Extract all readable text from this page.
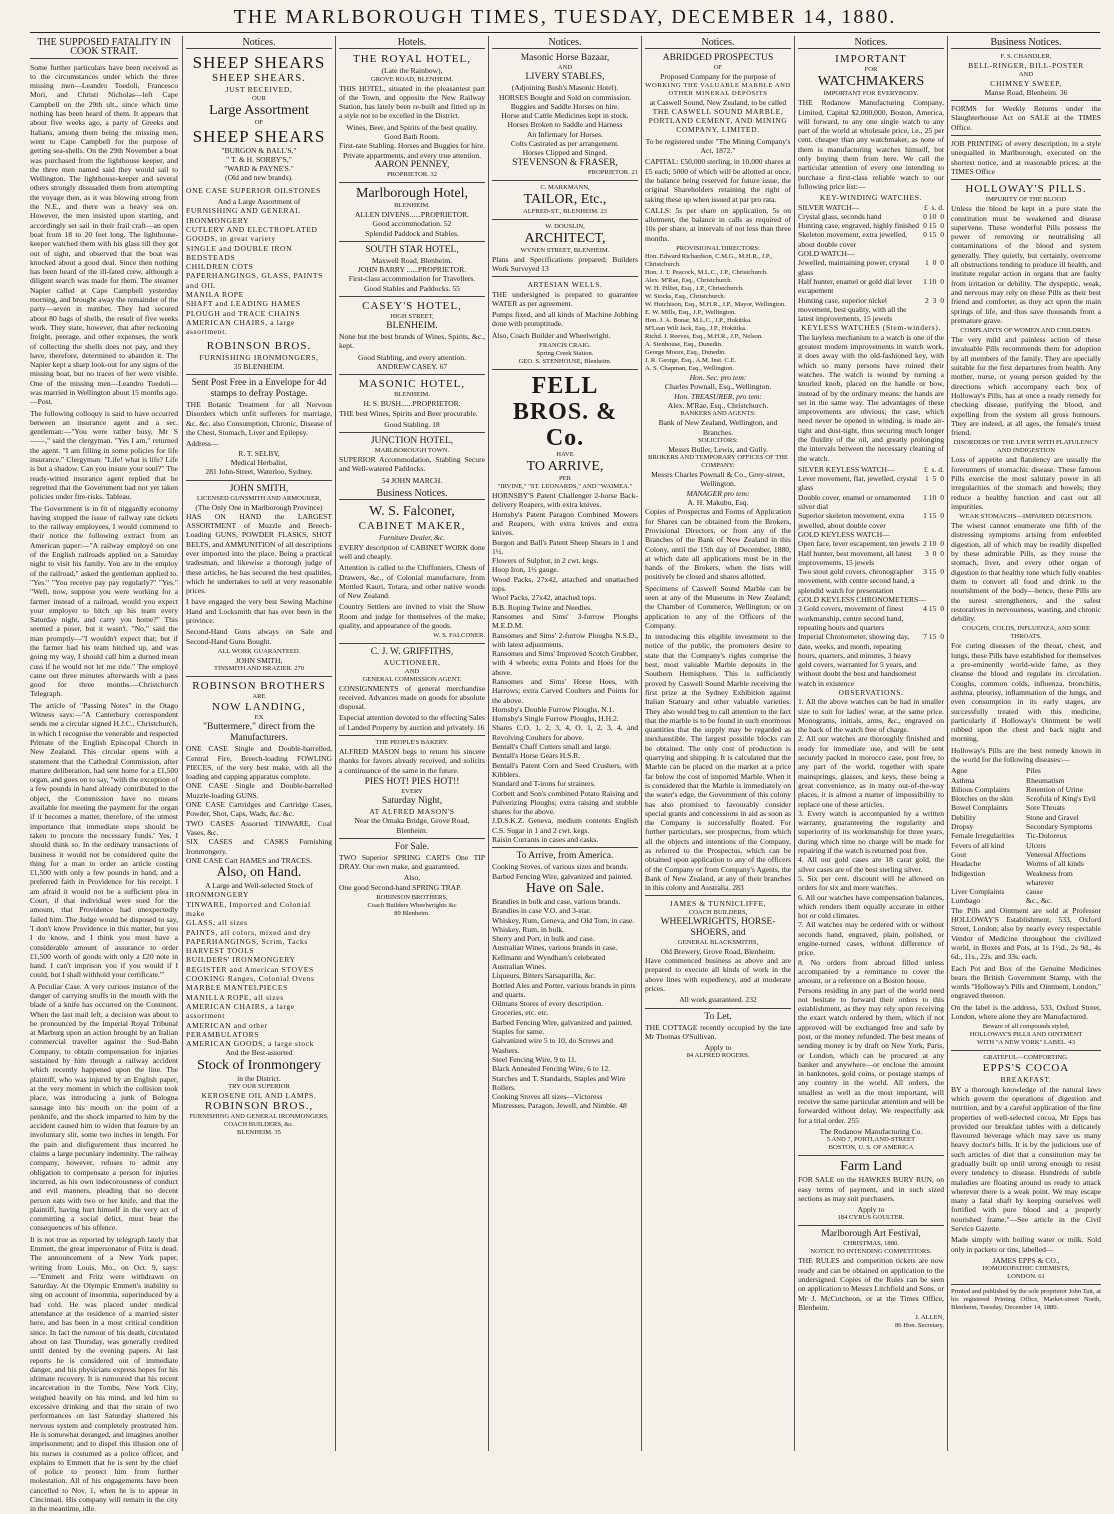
THE MARLBOROUGH TIMES, TUESDAY, DECEMBER 14, 1880.
THE SUPPOSED FATALITY IN COOK STRAIT.

Some further particulars have been received as to the circumstances under which the three missing men—Leandro Toedoli, Francesco Mori, and Christi Nicholas—left Cape Campbell on the 29th ult., since which time nothing has been heard of them. It appears that about five weeks ago, a party of Greeks and Italians, among them being the missing men, went to Cape Campbell for the purpose of getting sea-shells. On the 29th November a boat was purchased from the lighthouse keeper, and the three men named said they would sail to Wellington. The lighthouse-keeper and several others strongly dissuaded them from attempting the voyage then, as it was blowing strong from the N.E., and there was a heavy sea on. However, the men insisted upon starting, and accordingly set sail in their frail craft—an open boat from 18 to 20 feet long. The lighthouse-keeper watched them with his glass till they got out of sight, and observed that the boat was knocked about a good deal. Since then nothing has been heard of the ill-fated crew, although a diligent search was made for them. The steamer Napier called at Cape Campbell yesterday morning, and brought away the remainder of the party—seven in number. They had secured about 80 bags of shells, the result of five weeks work. They state, however, that after reckoning freight, peerage, and other expenses, the work of collecting the shells does not pay, and they have, therefore, determined to abandon it. The Napier kept a sharp look-out for any signs of the missing boat, but no traces of her were visible. One of the missing men—Leandro Toedoli—was married in Wellington about 15 months ago.—Post.

The following colloquy is said to have occurred between an insurance agent and a sec. gentleman:—"You were rather busy, Mr S——," said the clergyman. "Yes I am," returned the agent. "I am filling in some policies for life insurance." Clergyman: "Life! what is life? Life is but a shadow. Can you insure your soul?" The ready-witted insurance agent replied that he regretted that the Government had not yet taken policies under fire-risks. Tableau.

The Government is in fit of niggardly economy having stopped the issue of railway rate tickets to the railway employees, I would commend to their notice the following extract from an American paper:—"A railway employé on one of the English railroads applied on a Saturday night to visit his family. You are in the employ of the railroad," asked the gentleman applied to. "Yes." "You receive pay pay regularly?" "Yes." "Well, now, suppose you were working for a farmer instead of a railroad, would you expect your employer to hitch up his team every Saturday night, and carry you home?" This seemed a poser, but it wasn't. "No," said the man promptly—"I wouldn't expect that; but if the farmer had his team hitched up, and was going my way, I should call him a durned mean cuss if he would not let me ride." The employé came out three minutes afterwards with a pass good for three months.—Christchurch Telegraph.

The article of "Passing Notes" in the Otago Witness says:—"A Canterbury correspondent sends me a circular signed H.J.C., Christchurch, in which I recognise the venerable and respected Primate of the English Episcopal Church in New Zealand. This circular opens with a statement that the Cathedral Commission, after mature deliberation, had sent home for a £1,500 organ, and goes on to say, "with the exception of a few pounds in hand already contributed to the object, the Commission have no means available for meeting the payment for the organ if it becomes a matter, therefore, of the utmost importance that immediate steps should be taken to procure the necessary funds.' Yes, I should think so. In the ordinary transactions of business it would not be considered quite the thing for a man to order an article costing £1,500 with only a few pounds in hand, and a preferred faith in Providence for his receipt. I am afraid it would not be a sufficient plea in Court, if that individual were sued for the amount, that Providence had unexpectedly failed him. The Judge would be disposed to say, 'I don't know Providence in this matter, but you I do know, and I think you must have a considerable amount of assurance to order £1,500 worth of goods with only a £20 note in hand. I can't imprison you if you would if I could, but I shall withhold your certificate.'"

A Peculiar Case. A very curious instance of the danger of carrying snuffs in the mouth with the blade of a knife has occurred on the Continent. When the last mail left, a decision was about to be pronounced by the Imperial Royal Tribunal at Marburg upon an action brought by an Italian commercial traveller against the Sud-Bahn Company, to obtain compensation for injuries sustained by him through a railway accident which recently happened upon the line. The plaintiff, who was injured by an English paper, at the very moment in which the collision took place, was introducing a junk of Bologna sausage into his mouth on the point of a penknife, and the shock imparted to him by the accident caused him to widen that feature by an involuntary slit, some two inches in length. For the pain and disfigurement thus incurred he claims a large pecuniary indemnity. The railway company, however, refuses to admit any obligation to compensate a person for injuries incurred, as his own indecorousness of conduct and evil manners, pleading that no decent person eats with two or her knife, and that the plaintiff, having hurt himself in the very act of committing a social delict, must bear the consequences of his offence.

It is not true as reported by telegraph lately that Emmett, the great impersonator of Fritz is dead. The announcement of a New York paper, writing from Louis, Mo., on Oct. 9, says:—"Emmett and Fritz were withdrawn on Saturday. At the Olympic Emmett's inability to sing on account of insomnia, superinduced by a bad cold. He was placed under medical attendance at the residence of a married sister here, and has been in a most critical condition since. In fact the rumour of his death, circulated about on last Thursday, was generally credited until denied by the evening papers. At last reports he is considered out of immediate danger, and his physicians express hopes for his ultimate recovery. It is rumoured that his recent incarceration in the Tombs, New York City, weighed heavily on his mind, and led him to excessive drinking and that the strain of two performances on last Saturday shattered his nervous system and completely prostrated him. He is somewhat deranged, and imagines another imprisonment; and to dispel this illusion one of his nurses is costumed as a police officer, and explains to Emmett that he is sent by the chief of police to protect him from further molestation. All of his engagements have been cancelled to Nov. 1, when he is to appear in Cincinnati. His company will remain in the city in the meantime, idle.

Notices.
SHEEP SHEARS
SHEEP SHEARS.
JUST RECEIVED,
OUR
Large Assortment
OF
SHEEP SHEARS
"BURGON & BALL'S,"
" T. & H. SORBY'S,"
"WARD & PAYNE'S."
(Old and new brands).

ONE CASE SUPERIOR OILSTONES

And a Large Assortment of
FURNISHING AND GENERAL IRONMONGERY
CUTLERY AND ELECTROPLATED GOODS, in great variety
SINGLE and DOUBLE IRON BEDSTEADS
CHILDREN COTS
PAPERHANGINGS, GLASS, PAINTS and OIL
MANILA ROPE
SHAFT and LEADING HAMES
PLOUGH and TRACE CHAINS
AMERICAN CHAIRS, a large assortment.
ROBINSON BROS.
FURNISHING IRONMONGERS,
35 BLENHEIM.
Sent Post Free in a Envelope for 4d stamps to defray Postage.

THE Botanic Treatment for all Nervous Disorders which unfit sufferers for marriage, &c. &c. also Consumption, Chronic, Disease of the Chest, Stomach, Liver and Epilepsy.

Address—
R. T. SELBY,
Medical Herbalist,
281 John-Street, Waterloo, Sydney.
JOHN SMITH,
LICENSED GUNSMITH AND ARMOURER,
(The Only One in Marlborough Province)

HAS ON HAND the LARGEST ASSORTMENT of Muzzle and Breech-Loading GUNS, POWDER FLASKS, SHOT BELTS, and AMMUNITION of all descriptions ever imported into the place. Being a practical tradesman, and likewise a thorough judge of these articles, he has secured the best qualities, which he undertakes to sell at very reasonable prices.

I have engaged the very best Sewing Machine Hand and Locksmith that has ever been in the province.

Second-Hand Guns always on Sale and Second-Hand Guns Bought.

ALL WORK GUARANTEED.
JOHN SMITH,
TINSMITH AND BRAZIER. 270
ROBINSON BROTHERS
ARE
NOW LANDING,
EX
"Buttermere," direct from the Manufacturers.
ONE CASE Single and Double-barrelled, Central Fire, Breech-loading FOWLING PIECES, of the very best make, with all the loading and capping apparatus complete.
ONE CASE Single and Double-barrelled Muzzle-loading GUNS.
ONE CASE Cartridges and Cartridge Cases, Powder, Shot, Caps, Wads, &c. &c.
TWO CASES Assorted TINWARE, Coal Vases, &c.
SIX CASES and CASKS Furnishing Ironmongery.
ONE CASE Cart HAMES and TRACES.
Also, on Hand.
A Large and Well-selected Stock of
IRONMONGERY
TINWARE, Imported and Colonial make
GLASS, all sizes
PAINTS, all colors, mixed and dry
PAPERHANGINGS, Scrim, Tacks
HARVEST TOOLS
BUILDERS' IRONMONGERY
REGISTER and American STOVES
COOKING Ranges, Colonial Ovens
MARBLE MANTELPIECES
MANILLA ROPE, all sizes
AMERICAN CHAIRS, a large assortment
AMERICAN and other PERAMBULATORS
AMERICAN GOODS, a large stock
And the Best-assorted
Stock of Ironmongery
in the District.
TRY OUR SUPERIOR
KEROSENE OIL AND LAMPS.
ROBINSON BROS.,
FURNISHING AND GENERAL IRONMONGERS,
COACH BUILDERS, &c.
BLENHEIM. 35
Hotels.
THE ROYAL HOTEL,
(Late the Rainbow),
GROVE ROAD, BLENHEIM.

THIS HOTEL, situated in the pleasantest part of the Town, and opposite the New Railway Station, has lately been re-built and fitted up in a style not to be excelled in the District.

Wines, Beer, and Spirits of the best quality.
Good Bath Room.
First-rate Stabling. Horses and Buggies for hire.
Private appartments, and every true attention.
AARON PENNEY,
PROPRIETOR. 32
Marlborough Hotel,
BLENHEIM.
ALLEN DIVENS......PROPRIETOR.
Good accommodation. 52
Splendid Paddock and Stables.
SOUTH STAR HOTEL,
Maxwell Road, Blenheim.
JOHN BARRY ......PROPRIETOR.
First-class accommodation for Travellers.
Good Stables and Paddocks. 55
CASEY'S HOTEL,
HIGH STREET,
BLENHEIM.

None but the best brands of Wines, Spirits, &c., kept.

Good Stabling, and every attention.
ANDREW CASEY. 67
MASONIC HOTEL,
BLENHEIM.
H. S. BUSH......PROPRIETOR.

THE best Wines, Spirits and Beer procurable.

Good Stabling. 18
JUNCTION HOTEL,
MARLBOROUGH TOWN.

SUPERIOR Accommodation, Stabling Secure and Well-watered Paddocks.

54 JOHN MARCH.
Business Notices.
W. S. Falconer,
CABINET MAKER,
Furniture Dealer, &c.

EVERY description of CABINET WORK done well and cheaply.

Attention is called to the Chiffoniers, Chests of Drawers, &c., of Colonial manufacture, from Mottled Kauri, Totara, and other native woods of New Zealand.

Country Settlers are invited to visit the Show Room and judge for themselves of the make, quality, and appearance of the goods.

W. S. FALCONER.
C. J. W. GRIFFITHS,
AUCTIONEER,
AND
GENERAL COMMISSION AGENT.

CONSIGNMENTS of general merchandise received. Advances made on goods for absolute disposal.

Especial attention devoted to the effecting Sales of Landed Property by auction and privately. 16

THE PEOPLE'S BAKERY.

ALFRED MASON begs to return his sincere thanks for favors already received, and solicits a continuance of the same in the future.

PIES HOT! PIES HOT!!
EVERY
Saturday Night,
AT ALFRED MASON'S
Near the Omaka Bridge, Grove Road, Blenheim.
For Sale.

TWO Superior SPRING CARTS One TIP DRAY. Our own make, and guaranteed.

Also,

One good Second-hand SPRING TRAP.

ROBINSON BROTHERS,
Coach Builders Wheelwrights &c
89 Blenheim.
Notices.
Masonic Horse Bazaar,
AND
LIVERY STABLES,
(Adjoining Bush's Masonic Hotel).
HORSES Bought and Sold on commission.
Buggies and Saddle Horses on hire.
Horse and Cattle Medicines kept in stock.
Horses Broken to Saddle and Harness
An Infirmary for Horses.
Colts Castrated as per arrangement.
Horses Clipped and Singed.
STEVENSON & FRASER,
PROPRIETOR. 21
C. MARKMANN,
TAILOR, Etc.,
ALFRED-ST., BLENHEIM. 23
W. DOUSLIN,
ARCHITECT,
WYNEN STREET, BLENHEIM.

Plans and Specifications prepared; Builders Work Surveyed 13

ARTESIAN WELLS.

THE undersigned is prepared to guarantee WATER as per agreement.

Pumps fixed, and all kinds of Machine Jobbing done with promptitude.

Also, Coach Builder and Wheelwright.

FRANCIS CRAIG.
Spring Creek Station.
GEO. S. STENHOUSE, Blenheim.
FELL BROS. & Co.
HAVE
TO ARRIVE,
PER
"IRVINE," "ST. LEONARDS," AND "WAIMEA."
HORNSBY'S Patent Challenger 2-horse Back-delivery Reapers, with extra knives.
Hornsby's Patent Paragon Combined Mowers and Reapers, with extra knives and extra knives.
Burgon and Ball's Patent Sheep Shears in 1 and 1½.
Flowers of Sulphur, in 2 cwt. kegs.
Hoop Iron, 1½ gauge.
Wood Packs, 27x42, attached and unattached tops.
Wool Packs, 27x42, attached tops.
B.B. Roping Twine and Needles.
Ransomes and Sims' 3-furrow Ploughs M.E.D.M.
Ransomes and Sims' 2-furrow Ploughs N.S.D., with latest adjustments.
Ransomes and Sims' Improved Scotch Grubber, with 4 wheels; extra Points and Hoes for the above.
Ransomes and Sims' Horse Hoes, with Harrows; extra Carved Coulters and Points for the above.
Hornsby's Double Furrow Ploughs, N.1.
Hornsby's Single Furrow Ploughs, H.H.2.
Shares C.O. 1, 2, 3, 4, O. 1, 2, 3, 4, and Revolving Coulters for above.
Bentall's Chaff Cutters small and large.
Bentall's Horse Gears H.S.R.
Bentall's Patent Corn and Seed Crushers, with Kibblers.
Standard and T-irons for strainers.
Corbett and Son's combined Potato Raising and Pulverizing Ploughs; extra raising and stubble shares for the above.
J.D.S.K.Z. Geneva, medium contents English C.S. Sugar in 1 and 2 cwt. kegs.
Raisin Currants in cases and casks.
To Arrive, from America.
Cooking Stoves, of various sizes and brands.
Barbed Fencing Wire, galvanized and painted.
Have on Sale.
Brandies in bulk and case, various brands.
Brandies in case V.O. and 3-star.
Whiskey, Rum, Geneva, and Old Tom, in case.
Whiskey, Rum, in bulk.
Sherry and Port, in bulk and case.
Australian Wines, various brands in case.
Kellmann and Wyndham's celebrated Australian Wines.
Liqueurs, Bitters Sarsaparilla, &c.
Bottled Ales and Porter, various brands in pints and quarts.
Oilmans Stores of every description.
Groceries, etc. etc.
Barbed Fencing Wire, galvanized and painted.
Staples for same.
Galvanized wire 5 to 10, do Screws and Washers.
Steel Fencing Wire, 9 to 11.
Black Annealed Fencing Wire, 6 to 12.
Starches and T. Standards, Staples and Wire Rollers.
Cooking Stoves all sizes—Victoress Mistresses, Paragon, Jewell, and Nimble. 48
Notices.
ABRIDGED PROSPECTUS
OF
Proposed Company for the purpose of
WORKING THE VALUABLE MARBLE AND OTHER MINERAL DEPOSITS
at Caswell Sound, New Zealand, to be called

THE CASWELL SOUND MARBLE, PORTLAND CEMENT, AND MINING COMPANY, LIMITED.

To be registered under "The Mining Company's Act, 1872."

CAPITAL: £50,000 sterling, in 10,000 shares at £5 each; 5000 of which will be allotted at once, the balance being reserved for future issue, the original Shareholders retaining the right of taking these up when issued at par pro rata.

CALLS: 5s per share on application, 5s on allotment, the balance in calls as required of 10s per share, at intervals of not less than three months.

PROVISIONAL DIRECTORS:
Hon. Edward Richardson, C.M.G., M.H.R., J.P., Christchurch.
Hon. J. T. Peacock, M.L.C., J.P., Christchurch.
Alex. M'Rae, Esq., Christchurch.
W. H. Pilliet, Esq., J.P., Christchurch.
W. Stocks, Esq., Christchurch.
W. Hutchison, Esq., M.H.R., J.P., Mayor, Wellington.
E. W. Mills, Esq., J.P., Wellington.
Hon. J. A. Bonar, M.L.C., J.P., Hokitika.
M'Lean Wilt Jack, Esq., J.P., Hokitika.
Richd. J. Reeves, Esq., M.H.R., J.P., Nelson.
A. Stenhouse, Esq., Dunedin.
George Moore, Esq., Dunedin.
J. R. George, Esq., A.M. Inst. C.E.
A. S. Chapman, Esq., Wellington.
Hon. Sec. pro tem:
Charles Pownall, Esq., Wellington.
Hon. TREASURER, pro tem:
Alex. M'Rae, Esq., Christchurch.
BANKERS AND AGENTS:
Bank of New Zealand, Wellington, and Branches.
SOLICITORS:
Messrs Buller, Lewis, and Gully.
BROKERS AND TEMPORARY OFFICES OF THE COMPANY:
Messrs Charles Pownall & Co., Grey-street, Wellington.
MANAGER pro tem:
A. H. Makubu, Esq.

Copies of Prospectus and Forms of Application for Shares can be obtained from the Brokers, Provisional Directors, or from any of the Branches of the Bank of New Zealand in this Colony, until the 15th day of December, 1880, at which date all applications must be in the hands of the Brokers, when the lists will positively be closed and shares allotted.

Specimens of Caswell Sound Marble can be seen at any of the Museums in New Zealand; the Chamber of Commerce, Wellington; or on application to any of the Officers of the Company.

In introducing this eligible investment to the notice of the public, the promoters desire to state that the Company's rights comprise the best, most valuable Marble deposits in the Southern Hemisphere. This is sufficiently proved by Caswell Sound Marble receiving the first prize at the Sydney Exhibition against Italian Statuary and other valuable varieties. They also would beg to call attention to the fact that the marble is to be found in such enormous quantities that the supply may be regarded as inexhaustible. The largest possible blocks can be obtained. The only cost of production is quarrying and shipping. It is calculated that the Marble can be placed on the market at a price far below the cost of imported Marble. When it is considered that the Marble is immediately on the water's edge, the Government of this colony has also promised to favourably consider special grants and concessions in aid as soon as the Company is successfully floated. For further particulars, see prospectus, from which all the objects and intentions of the Company, as referred to the Prospectus, which can be obtained upon application to any of the officers of the Company or from Company's Agents, the Bank of New Zealand, at any of their branches in this colony and Australia. 283

JAMES & TUNNICLIFFE,
COACH BUILDERS,
WHEELWRIGHTS, HORSE-SHOERS, and
GENERAL BLACKSMITHS,
Old Brewery, Grove Road, Blenheim.

Have commenced business as above and are prepared to execute all kinds of work in the above lines with expediency, and at moderate prices.

All work guaranteed. 232
To Let.

THE COTTAGE recently occupied by the late Mr Thomas O'Sullivan.

Apply to
84 ALFRED ROGERS.
Notices.
IMPORTANT
FOR
WATCHMAKERS
IMPORTANT FOR EVERYBODY.

THE Rodanow Manufacturing Company, Limited, Capital $2,000,000, Boston, America, will forward, to any one single watch to any part of the world at wholesale price, i.e., 25 per cent. cheaper than any watchmaker, as none of them is manufacturing watches himself, but only buying them from here. We call the particular attention of every one intending to purchase a first-class reliable watch to our following price list:—

KEY-WINDING WATCHES.
SILVER WATCH—	£  s. d.
Crystal glass, seconds hand	0 10  0
Hunting case, engraved, highly finished 0 15  0
Skeleton movement, extra jewelled, about double cover
0 15  0
GOLD WATCH—
Jewelled, maintaining power, crystal glass
1  0  0
Half hunter, enamel or gold dial lever escapement
1 10  0
Hunting case, superior nickel movement, best quality, with all the latest improvements, 15 jewels
2  3  0
KEYLESS WATCHES (Stem-winders).

The keyless mechanism to a watch is one of the greatest modern improvements in watch work, it does away with the old-fashioned key, with which so many persons have ruined their watches. The watch is wound by turning a knurled knob, placed on the handle or bow, instead of by the ordinary means: the hands are set in the same way. The advantages of these improvements are obvious; the case, which need never be opened in winding, is made air-tight and dust-tight, thus securing much longer the fluidity of the oil, and greatly prolonging the intervals between the necessary cleaning of the watch.

SILVER KEYLESS WATCH—	£  s. d.
Lever movement, flat, jewelled, crystal glass
1  5  0
Double cover, enamel or ornamented silver dial
1 10  0
Superior skeleton movement, extra jewelled, about double cover
1 15  0
GOLD KEYLESS WATCH—
Open face, lever escapement, ten jewels 2 10  0
Half hunter, best movement, all latest improvements, 15 jewels
3  0  0
Two stout gold covers, chronographer movement, with centre second hand, a splendid watch for presentation
3 15  0
GOLD KEYLESS CHRONOMETERS—
3 Gold covers, movement of finest workmanship, centre second hand, repeating hours and quarters
4 15  0
Imperial Chronometer, showing day, date, weeks, and month, repeating hours, quarters, and minutes, 3 heavy gold covers, warranted for 5 years, and without doubt the best and handsomest watch in existence
7 15  0
OBSERVATIONS.
1. All the above watches can be had in smaller size to suit for ladies' wear, at the same price. Monograms, initials, arms, &c., engraved on the back of the watch free of charge.
2. All our watches are thoroughly finished and ready for immediate use, and will be sent securely packed in morocco case, post free, to any part of the world, together with spare mainsprings, glasses, and keys, these being a great convenience, as in many out-of-the-way places, it is almost a matter of impossibility to replace one of these articles.
3. Every watch is accompanied by a written warranty, guaranteeing the regularity and superiority of its workmanship for three years, during which time no charge will be made for repairing if the watch is returned post free.
4. All our gold cases are 18 carat gold, the silver cases are of the best sterling silver.
5. Six per cent. discount will be allowed on orders for six and more watches.
6. All our watches have compensation balances, which renders them equally accurate in either hot or cold climates.
7. All watches may be ordered with or without seconds hand, engraved, plain, polished, or engine-turned cases, without difference of price.
8. No orders from abroad filled unless accompanied by a remittance to cover the amount, or a reference on a Boston house.

Persons residing in any part of the world need not hesitate to forward their orders to this establishment, as they may rely upon receiving the exact watch ordered by them, which if not approved will be exchanged free and safe by post, or the money refunded. The best means of sending money is by draft on New York, Paris, or London, which can be procured at any banker and anywhere—or enclose the amount in banknotes, gold coins, or postage stamps of any country in the world. All orders, the smallest as well as the most important, will receive the same particular attention and will be forwarded without delay. We respectfully ask for a trial order. 255

The Rodanow Manufacturing Co.
5 AND 7, PORTLAND-STREET
BOSTON, U. S. OF AMERICA
Farm Land

FOR SALE on the HAWKES BURY RUN, on easy terms of payment, and in such sized sections as may suit purchasers.

Apply to
184 CYRUS GOULTER.
Marlborough Art Festival,
CHRISTMAS, 1880.
NOTICE TO INTENDING COMPETITORS.

THE RULES and competition tickets are now ready and can be obtained on application to the undersigned. Copies of the Rules can be seen on application to Messrs Litchfield and Sons, or Mr J. McCutcheon, or at the Times Office, Blenheim.

J. ALLEN,
86 Hon. Secretary.
Business Notices.
F. S. CHANDLER,
BELL-RINGER, BILL-POSTER
AND
CHIMNEY SWEEP,
Manse Road, Blenheim. 36

FORMS for Weekly Returns under the Slaughterhouse Act on SALE at the TIMES Office.

JOB PRINTING of every description, in a style unequalled in Marlborough, executed on the shortest notice, and at reasonable prices, at the TIMES Office

HOLLOWAY'S PILLS.
IMPURITY OF THE BLOOD

Unless the blood be kept in a pure state the constitution must be weakened and disease supervene. These wonderful Pills possess the power of removing or neutralising all contaminations of the blood and system generally. They quietly, but certainly, overcome all obstructions tending to produce ill health, and institute regular action in organs that are faulty from irritation or debility. The dyspeptic, weak, and nervous may rely on these Pills as their best friend and comforter, as they act upon the main springs of life, and thus save thousands from a premature grave.

COMPLAINTS OF WOMEN AND CHILDREN.

The very mild and painless action of these invaluable Pills recommends them for adoption by all members of the family. They are specially suitable for the first departures from health. Any mother, nurse, or young person guided by the directions which accompany each box of Holloway's Pills, has at once a ready remedy for checking disease, purifying the blood, and expelling from the system all gross humours. They are indeed, at all ages, the female's truest friend.

DISORDERS OF THE LIVER WITH FLATULENCY AND INDIGESTION

Loss of appetite and flatulency are usually the forerunners of stomachic disease. These famous Pills exercise the most salutary power in all irregularities of the stomach and bowels; they reduce a healthy function and cast out all impurities.

WEAK STOMACHS—IMPAIRED DIGESTION.

The wisest cannot enumerate one fifth of the distressing symptoms arising from enfeebled digestion, all of which may be readily dispelled by these admirable Pills, as they rouse the stomach, liver, and every other organ of digestion to that healthy tone which fully enables them to convert all food and drink to the nourishment of the body—hence, these Pills are the surest strengtheners, and the safest restoratives in nervousness, wasting, and chronic debility.

COUGHS, COLDS, INFLUENZA, AND SORE THROATS.

For curing diseases of the throat, chest, and lungs, these Pills have established for themselves a pre-eminently world-wide fame, as they cleanse the blood and regulate its circulation. Coughs, common colds, influenza, bronchitis, asthma, pleurisy, inflammation of the lungs, and even consumption in its early stages, are successfully treated with this medicine, particularly if Holloway's Ointment be well rubbed upon the chest and back night and morning.

Holloway's Pills are the best remedy known in the world for the following diseases:—

Ague	Piles
Asthma	Rheumatism
Bilious Complaints	Retention of Urine
Blotches on the skin	Scrofula of King's Evil
Bowel Complaints	Sore Throats
Debility	Stone and Gravel
Dropsy	Secondary Symptoms
Female Irregularities	Tic-Doloreux
Fevers of all kind	Ulcers
Gout	Venereal Affections
Headache	Worms of all kinds
Indigestion	Weakness from whatever
Liver Complaints	cause
Lumbago	&c., &c.

The Pills and Ointment are sold at Professor HOLLOWAY'S Establishment, 533, Oxford Street, London; also by nearly every respectable Vendor of Medicine throughout the civilized world, in Boxes and Pots, at 1s 1½d., 2s 9d., 4s 6d., 11s., 22s. and 33s. each.

Each Pot and Box of the Genuine Medicines bears the British Government Stamp, with the words "Holloway's Pills and Ointment, London," engraved thereon.

On the label is the address, 533, Oxford Street, London, where alone they are Manufactured.

Beware of all compounds styled,
HOLLOWAY'S PILLS AND OINTMENT
WITH "A NEW YORK" LABEL. 43
GRATEFUL—COMFORTING.
EPPS'S COCOA
BREAKFAST.

BY a thorough knowledge of the natural laws which govern the operations of digestion and nutrition, and by a careful application of the fine properties of well-selected cocoa, Mr Epps has provided our breakfast tables with a delicately flavoured beverage which may save us many heavy doctor's bills. It is by the judicious use of such articles of diet that a constitution may be gradually built up until strong enough to resist every tendency to disease. Hundreds of subtle maladies are floating around us ready to attack wherever there is a weak point. We may escape many a fatal shaft by keeping ourselves well fortified with pure blood and a properly nourished frame."—See article in the Civil Service Gazette.

Made simply with boiling water or milk. Sold only in packets or tins, labelled—

JAMES EPPS & CO.,
HOMOEOPATHIC CHEMISTS,
LONDON. 61

Printed and published by the sole proprietor John Tait, at his registered Printing Office, Market-street North, Blenheim, Tuesday, December 14, 1880.
